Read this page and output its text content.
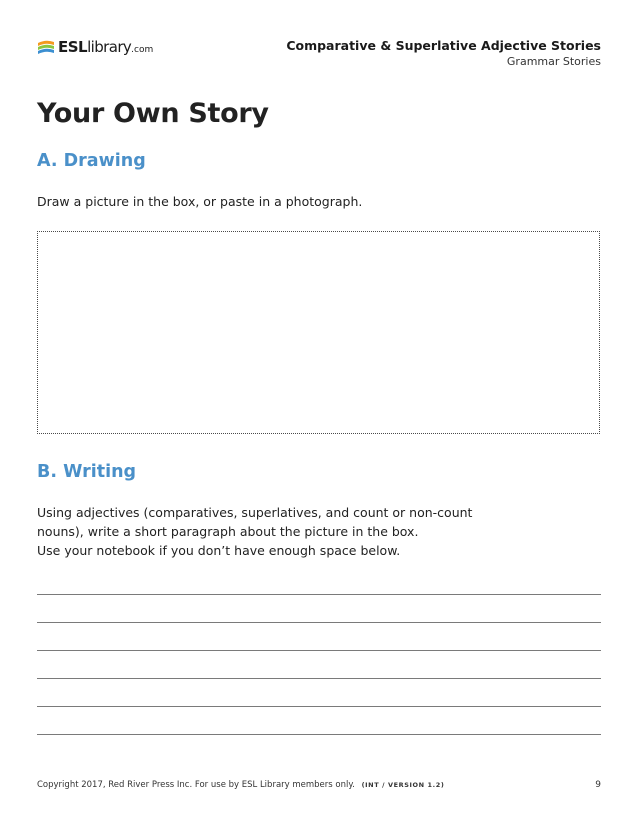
ESLlibrary.com	Comparative & Superlative Adjective Stories
Grammar Stories
Your Own Story
A. Drawing

Draw a picture in the box, or paste in a photograph.

B. Writing

Using adjectives (comparatives, superlatives, and count or non-count
nouns), write a short paragraph about the picture in the box.
Use your notebook if you don’t have enough space below.

Copyright 2017, Red River Press Inc. For use by ESL Library members only. (INT / VERSION 1.2)	9
